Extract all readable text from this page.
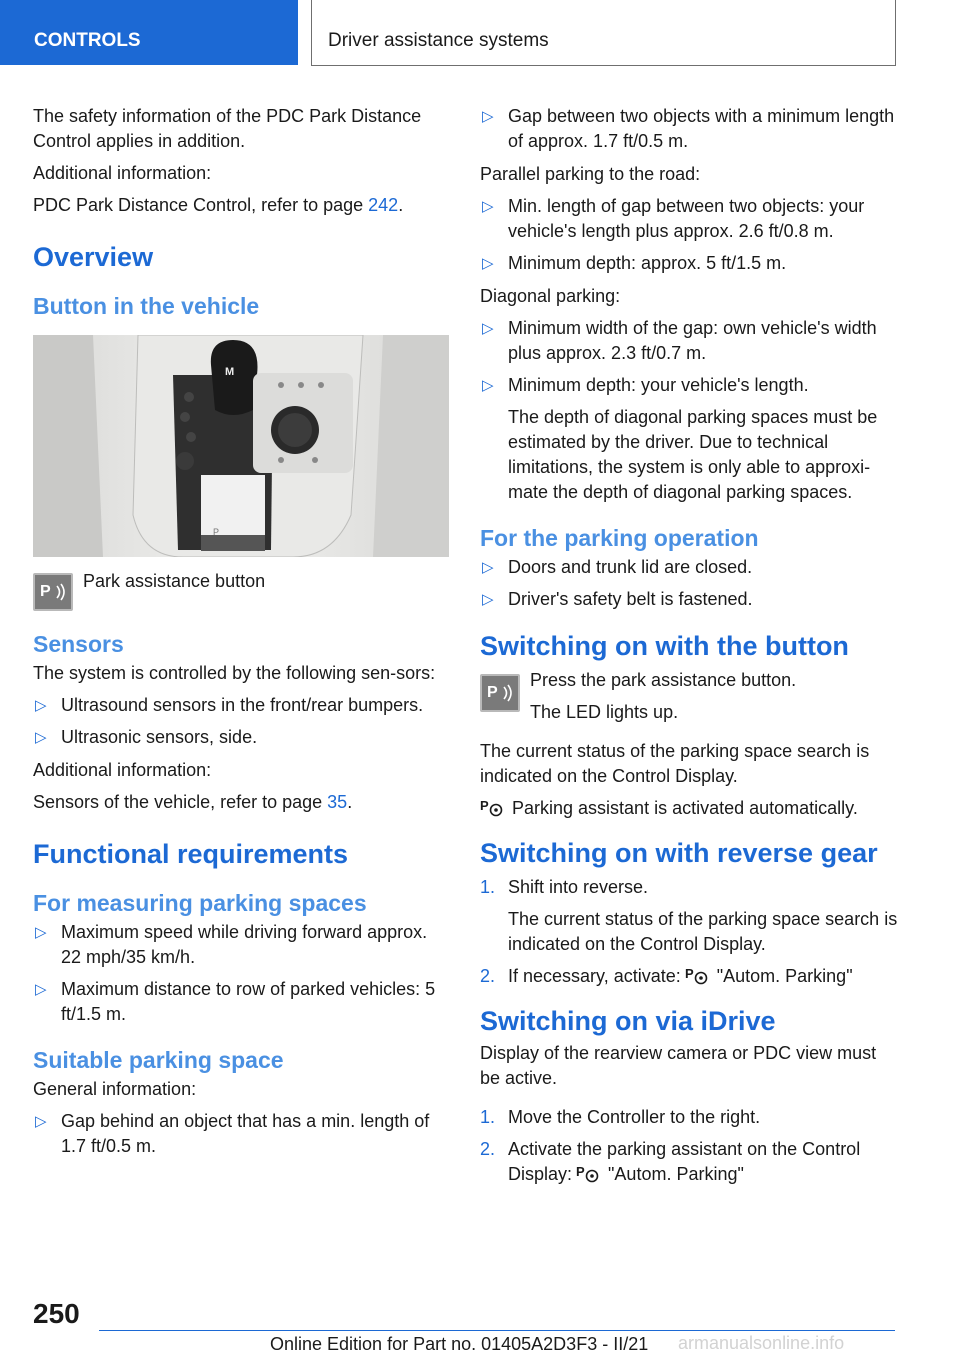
CONTROLS	Driver assistance systems

The safety information of the PDC Park Distance Control applies in addition.

Additional information:

PDC Park Distance Control, refer to page 242.

Overview
Button in the vehicle
M
P
P
Park assistance button
Sensors

The system is controlled by the following sen‐sors:

▷ Ultrasound sensors in the front/rear bumpers.
▷ Ultrasonic sensors, side.

Additional information:

Sensors of the vehicle, refer to page 35.

Functional requirements
For measuring parking spaces
▷ Maximum speed while driving forward approx. 22 mph/35 km/h.
▷ Maximum distance to row of parked vehicles: 5 ft/1.5 m.
Suitable parking space

General information:

▷ Gap behind an object that has a min. length of 1.7 ft/0.5 m.
▷ Gap between two objects with a minimum length of approx. 1.7 ft/0.5 m.

Parallel parking to the road:

▷ Min. length of gap between two objects: your vehicle's length plus approx. 2.6 ft/0.8 m.
▷ Minimum depth: approx. 5 ft/1.5 m.

Diagonal parking:

▷ Minimum width of the gap: own vehicle's width plus approx. 2.3 ft/0.7 m.
▷ Minimum depth: your vehicle's length.
The depth of diagonal parking spaces must be estimated by the driver. Due to technical limitations, the system is only able to approxi‐mate the depth of diagonal parking spaces.
For the parking operation
▷ Doors and trunk lid are closed.
▷ Driver's safety belt is fastened.
Switching on with the button
P

Press the park assistance button.

The LED lights up.

The current status of the parking space search is indicated on the Control Display.

P Parking assistant is activated automatically.

Switching on with reverse gear
1. Shift into reverse.
The current status of the parking space search is indicated on the Control Display.
2. If necessary, activate: P "Autom. Parking"
Switching on via iDrive

Display of the rearview camera or PDC view must be active.

1. Move the Controller to the right.
2. Activate the parking assistant on the Control Display: P "Autom. Parking"
250
Online Edition for Part no. 01405A2D3F3 - II/21 armanualsonline.info
